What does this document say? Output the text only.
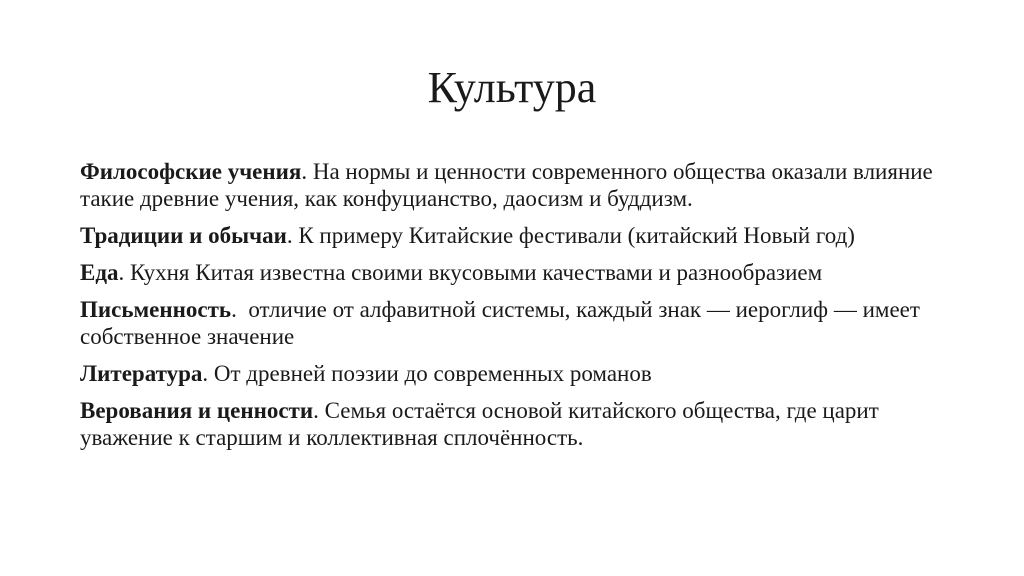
Культура

Философские учения. На нормы и ценности современного общества оказали влияние такие древние учения, как конфуцианство, даосизм и буддизм.

Традиции и обычаи. К примеру Китайские фестивали (китайский Новый год)

Еда. Кухня Китая известна своими вкусовыми качествами и разнообразием

Письменность.  отличие от алфавитной системы, каждый знак — иероглиф — имеет собственное значение

Литература. От древней поэзии до современных романов

Верования и ценности. Семья остаётся основой китайского общества, где царит уважение к старшим и коллективная сплочённость.
